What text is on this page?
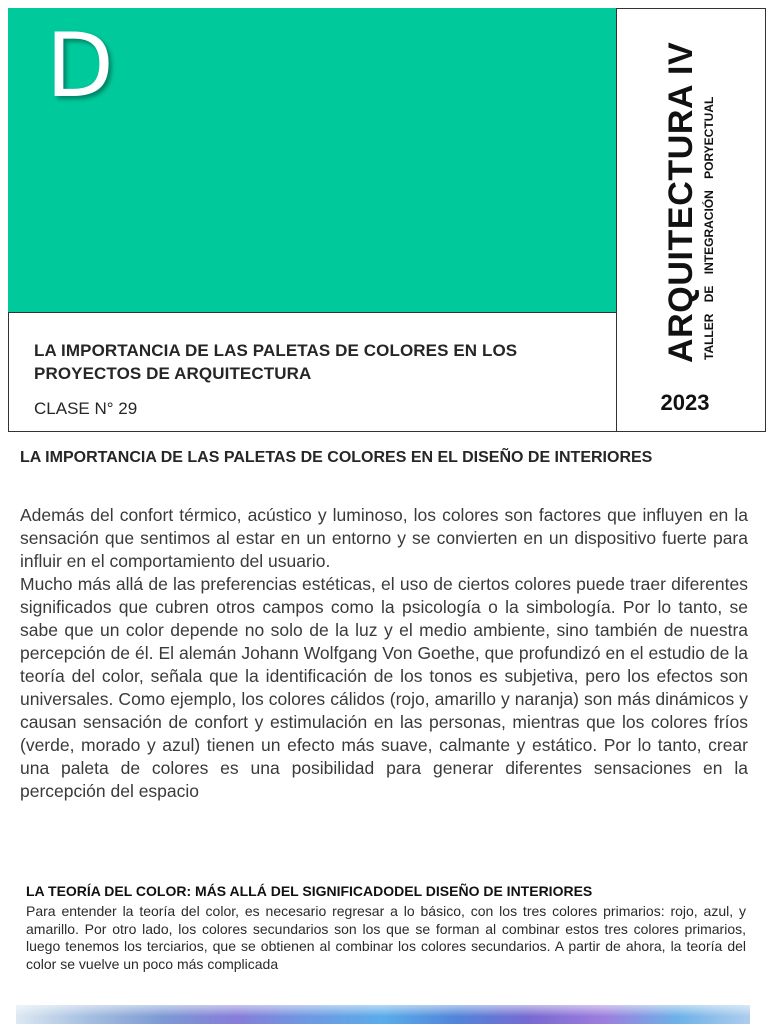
D
LA IMPORTANCIA DE LAS PALETAS DE COLORES EN LOS PROYECTOS DE ARQUITECTURA
CLASE N° 29
ARQUITECTURA IV TALLER DE INTEGRACIÓN PORYECTUAL
2023
LA IMPORTANCIA DE LAS PALETAS DE COLORES EN EL DISEÑO DE INTERIORES

Además del confort térmico, acústico y luminoso, los colores son factores que influyen en la sensación que sentimos al estar en un entorno y se convierten en un dispositivo fuerte para influir en el comportamiento del usuario.

Mucho más allá de las preferencias estéticas, el uso de ciertos colores puede traer diferentes significados que cubren otros campos como la psicología o la simbología. Por lo tanto, se sabe que un color depende no solo de la luz y el medio ambiente, sino también de nuestra percepción de él. El alemán Johann Wolfgang Von Goethe, que profundizó en el estudio de la teoría del color, señala que la identificación de los tonos es subjetiva, pero los efectos son universales. Como ejemplo, los colores cálidos (rojo, amarillo y naranja) son más dinámicos y causan sensación de confort y estimulación en las personas, mientras que los colores fríos (verde, morado y azul) tienen un efecto más suave, calmante y estático. Por lo tanto, crear una paleta de colores es una posibilidad para generar diferentes sensaciones en la percepción del espacio

LA TEORÍA DEL COLOR: MÁS ALLÁ DEL SIGNIFICADODEL DISEÑO DE INTERIORES

Para entender la teoría del color, es necesario regresar a lo básico, con los tres colores primarios: rojo, azul, y amarillo. Por otro lado, los colores secundarios son los que se forman al combinar estos tres colores primarios, luego tenemos los terciarios, que se obtienen al combinar los colores secundarios. A partir de ahora, la teoría del color se vuelve un poco más complicada
